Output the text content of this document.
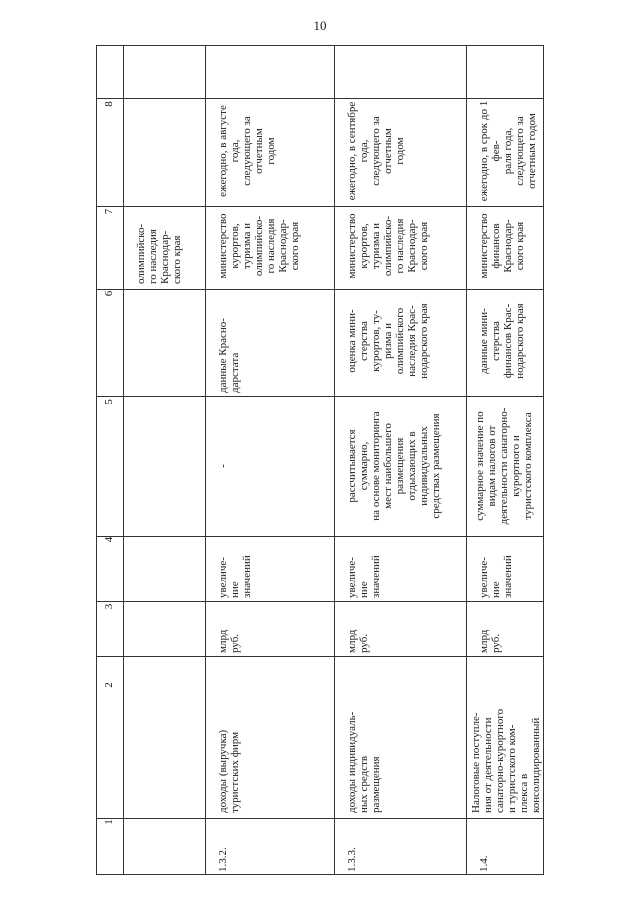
10
1
2
3
4
5
6
7
8
олимпийско-
го наследия
Краснодар-
ского края
1.3.2.
доходы (выручка)
туристских фирм
млрд
руб.
увеличе-
ние
значений
-
данные Красно-
дарстата
министерство
курортов,
туризма и
олимпийско-
го наследия
Краснодар-
ского края
ежегодно, в августе года,
следующего за отчетным
годом
1.3.3.
доходы индивидуаль-
ных средств
размещения
млрд
руб.
увеличе-
ние
значений
рассчитывается
суммарно,
на основе мониторинга
мест наибольшего
размещения
отдыхающих в
индивидуальных
средствах размещения
оценка мини-
стерства
курортов, ту-
ризма и
олимпийского
наследия Крас-
нодарского края
министерство
курортов,
туризма и
олимпийско-
го наследия
Краснодар-
ского края
ежегодно, в сентябре года,
следующего за отчетным
годом
1.4.
Налоговые поступле-
ния от деятельности
санаторно-курортного
и туристского ком-
плекса в
консолидированный
млрд
руб.
увеличе-
ние
значений
суммарное значение по
видам налогов от
деятельности санаторно-
курортного и
туристского комплекса
данные мини-
стерства
финансов Крас-
нодарского края
министерство
финансов
Краснодар-
ского края
ежегодно, в срок до 1 фев-
раля года, следующего за
отчетным годом
